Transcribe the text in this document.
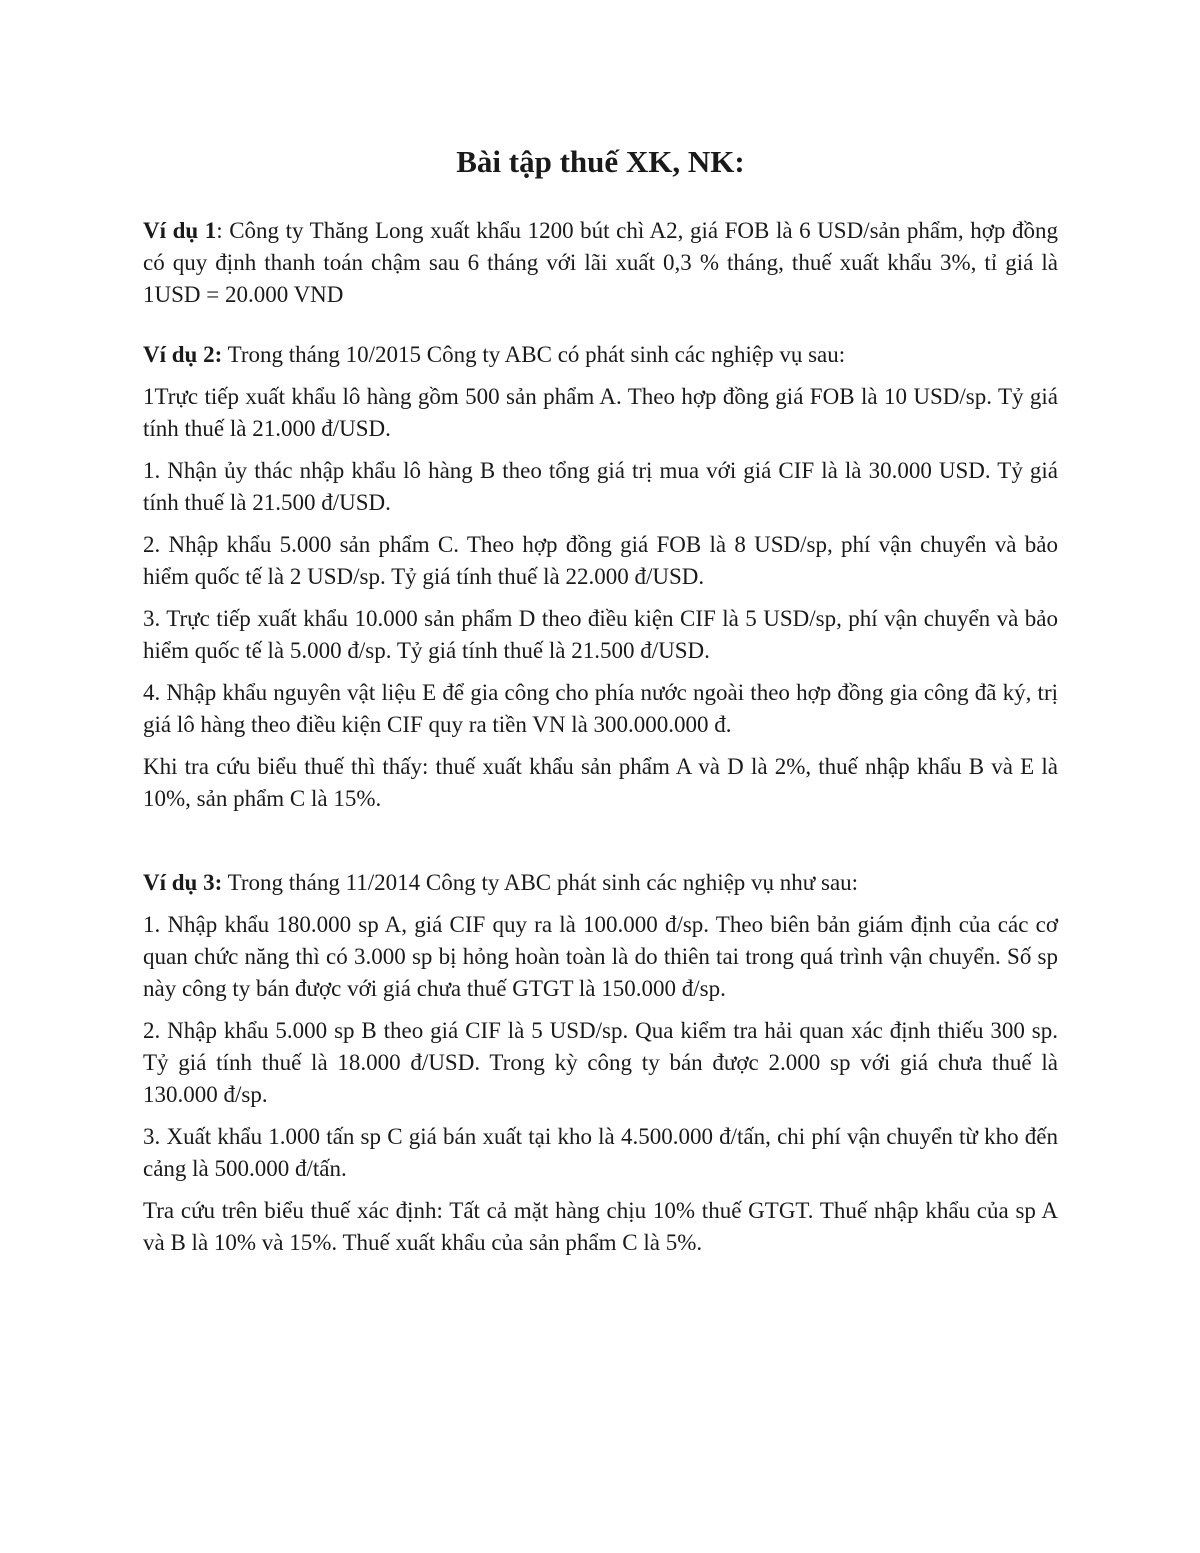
Bài tập thuế XK, NK:

Ví dụ 1: Công ty Thăng Long xuất khẩu 1200 bút chì A2, giá FOB là 6 USD/sản phẩm, hợp đồng có quy định thanh toán chậm sau 6 tháng với lãi xuất 0,3 % tháng, thuế xuất khẩu 3%, tỉ giá là 1USD = 20.000 VND

Ví dụ 2: Trong tháng 10/2015 Công ty ABC có phát sinh các nghiệp vụ sau:

1Trực tiếp xuất khẩu lô hàng gồm 500 sản phẩm A. Theo hợp đồng giá FOB là 10 USD/sp. Tỷ giá tính thuế là 21.000 đ/USD.

1. Nhận ủy thác nhập khẩu lô hàng B theo tổng giá trị mua với giá CIF là là 30.000 USD. Tỷ giá tính thuế là 21.500 đ/USD.

2. Nhập khẩu 5.000 sản phẩm C. Theo hợp đồng giá FOB là 8 USD/sp, phí vận chuyển và bảo hiểm quốc tế là 2 USD/sp. Tỷ giá tính thuế là 22.000 đ/USD.

3. Trực tiếp xuất khẩu 10.000 sản phẩm D theo điều kiện CIF là 5 USD/sp, phí vận chuyển và bảo hiểm quốc tế là 5.000 đ/sp. Tỷ giá tính thuế là 21.500 đ/USD.

4. Nhập khẩu nguyên vật liệu E để gia công cho phía nước ngoài theo hợp đồng gia công đã ký, trị giá lô hàng theo điều kiện CIF quy ra tiền VN là 300.000.000 đ.

Khi tra cứu biểu thuế thì thấy: thuế xuất khẩu sản phẩm A và D là 2%, thuế nhập khẩu B và E là 10%, sản phẩm C là 15%.

Ví dụ 3: Trong tháng 11/2014 Công ty ABC phát sinh các nghiệp vụ như sau:

1. Nhập khẩu 180.000 sp A, giá CIF quy ra là 100.000 đ/sp. Theo biên bản giám định của các cơ quan chức năng thì có 3.000 sp bị hỏng hoàn toàn là do thiên tai trong quá trình vận chuyển. Số sp này công ty bán được với giá chưa thuế GTGT là 150.000 đ/sp.

2. Nhập khẩu 5.000 sp B theo giá CIF là 5 USD/sp. Qua kiểm tra hải quan xác định thiếu 300 sp. Tỷ giá tính thuế là 18.000 đ/USD. Trong kỳ công ty bán được 2.000 sp với giá chưa thuế là 130.000 đ/sp.

3. Xuất khẩu 1.000 tấn sp C giá bán xuất tại kho là 4.500.000 đ/tấn, chi phí vận chuyển từ kho đến cảng là 500.000 đ/tấn.

Tra cứu trên biểu thuế xác định: Tất cả mặt hàng chịu 10% thuế GTGT. Thuế nhập khẩu của sp A và B là 10% và 15%. Thuế xuất khẩu của sản phẩm C là 5%.
